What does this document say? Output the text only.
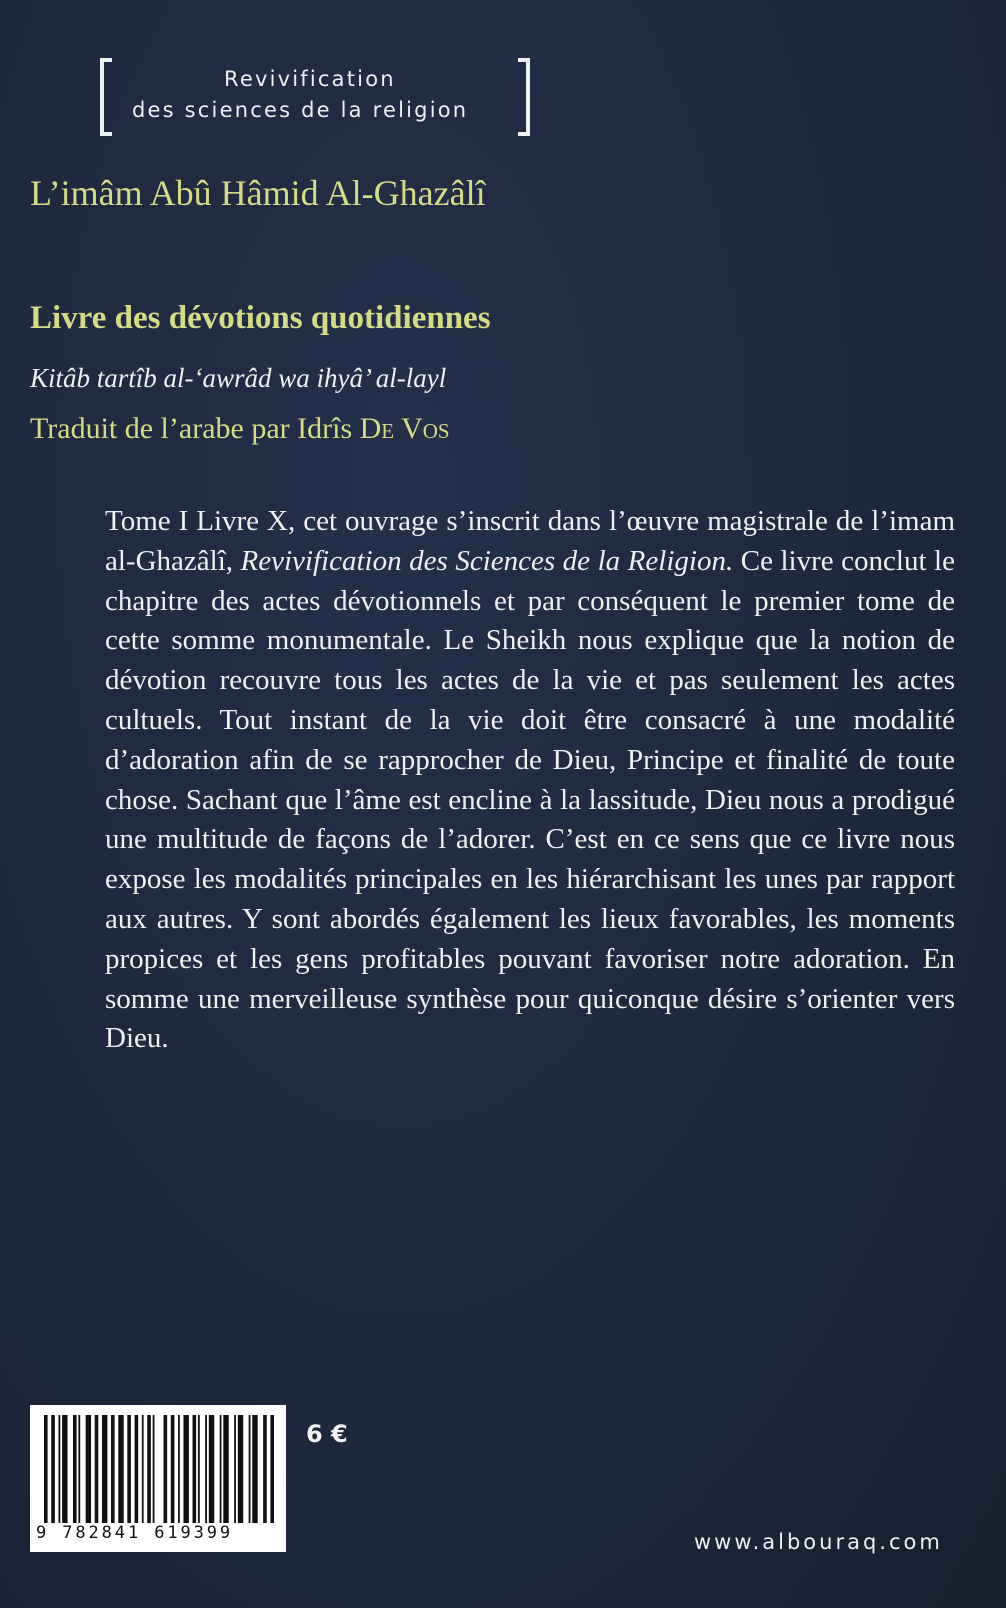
Revivification
des sciences de la religion
L’imâm Abû Hâmid Al-Ghazâlî
Livre des dévotions quotidiennes
Kitâb tartîb al-‘awrâd wa ihyâ’ al-layl
Traduit de l’arabe par Idrîs De Vos
Tome I Livre X, cet ouvrage s’inscrit dans l’œuvre magistrale de l’imam al-Ghazâlî, Revivification des Sciences de la Religion. Ce livre conclut le chapitre des actes dévotionnels et par conséquent le premier tome de cette somme monumentale. Le Sheikh nous explique que la notion de dévotion recouvre tous les actes de la vie et pas seulement les actes cultuels. Tout instant de la vie doit être consacré à une modalité d’adoration afin de se rapprocher de Dieu, Principe et finalité de toute chose. Sachant que l’âme est encline à la lassitude, Dieu nous a prodigué une multitude de façons de l’adorer. C’est en ce sens que ce livre nous expose les modalités principales en les hiérarchisant les unes par rapport aux autres. Y sont abordés également les lieux favorables, les moments propices et les gens profitables pouvant favoriser notre adoration. En somme une merveilleuse synthèse pour quiconque désire s’orienter vers Dieu.
9 782841 619399
6 €
www.albouraq.com
